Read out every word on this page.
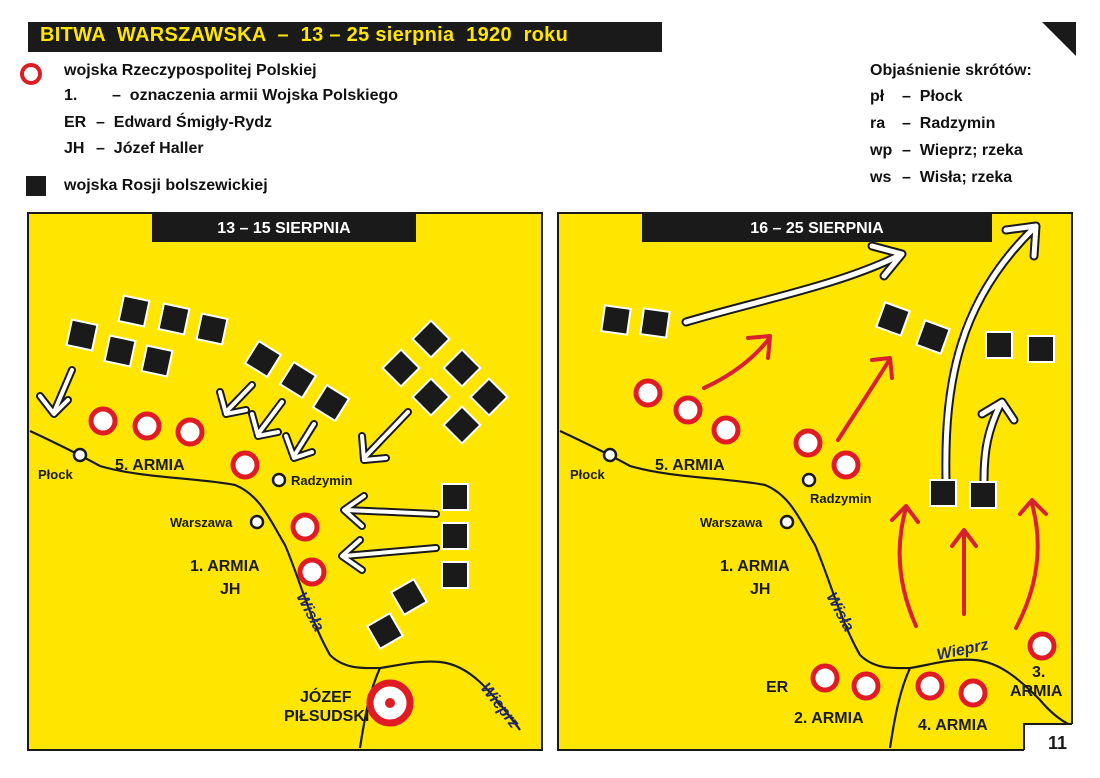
BITWA  WARSZAWSKA  –  13 – 25 sierpnia  1920  roku
wojska Rzeczypospolitej Polskiej
1. –  oznaczenia armii Wojska Polskiego
ER –  Edward Śmigły-Rydz
JH –  Józef Haller
wojska Rosji bolszewickiej
Objaśnienie skrótów:
pł –  Płock
ra –  Radzymin
wp –  Wieprz; rzeka
ws –  Wisła; rzeka
13 – 15 SIERPNIA
Płock	Radzymin
Warszawa
5. ARMIA
1. ARMIA
JH
Wisła
Wieprz
JÓZEF
PIŁSUDSKI
16 – 25 SIERPNIA
Płock
Radzymin
Warszawa
5. ARMIA
1. ARMIA
JH
Wisła
Wieprz
ER
2. ARMIA	4. ARMIA
3.
ARMIA
11
